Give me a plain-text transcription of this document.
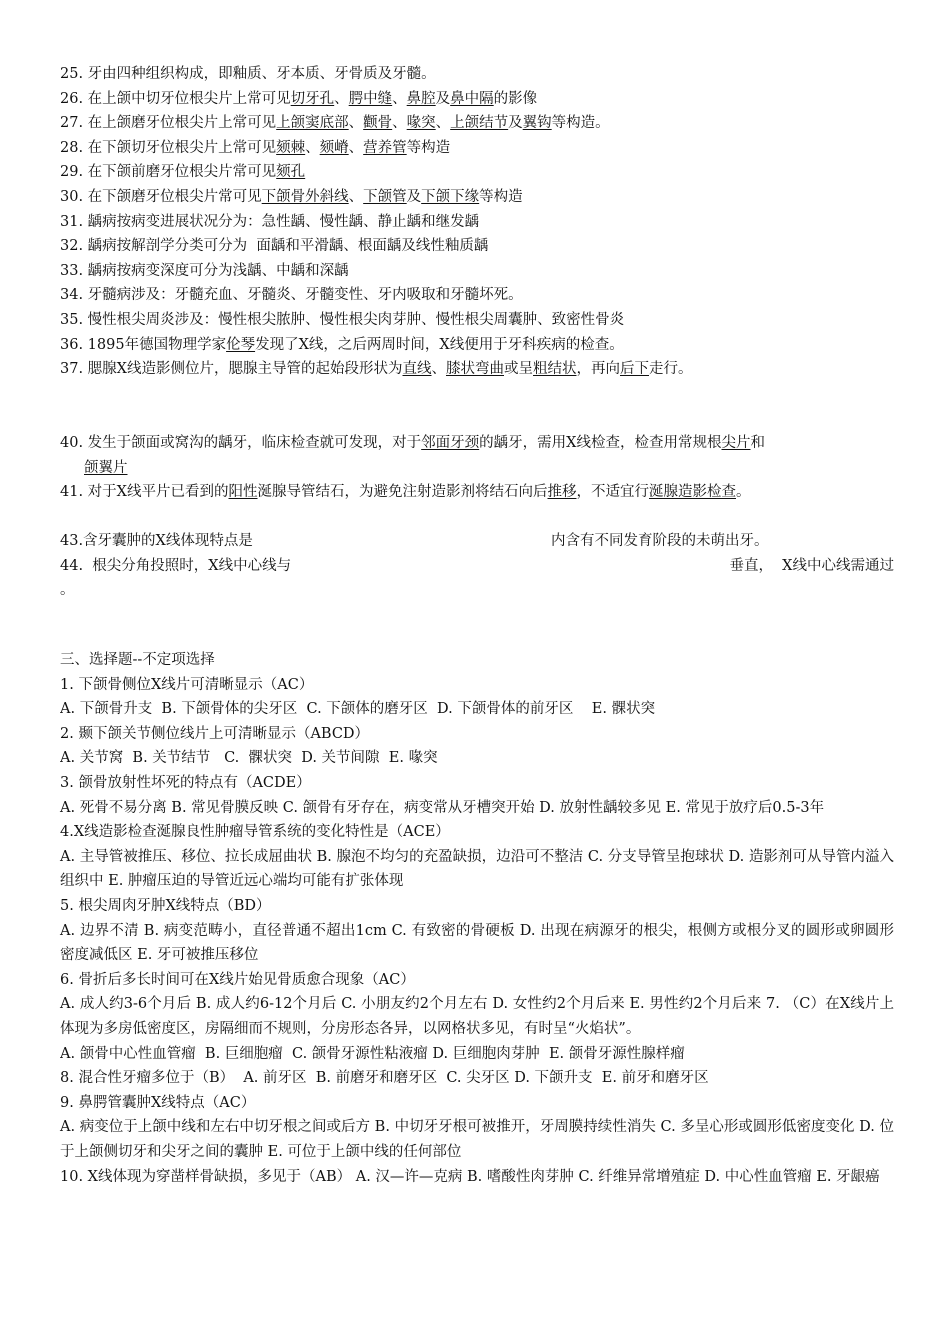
25. 牙由四种组织构成，即釉质、牙本质、牙骨质及牙髓。
26. 在上颌中切牙位根尖片上常可见切牙孔、腭中缝、鼻腔及鼻中隔的影像
27. 在上颌磨牙位根尖片上常可见上颌窦底部、颧骨、喙突、上颌结节及翼钩等构造。
28. 在下颌切牙位根尖片上常可见颏棘、颏嵴、营养管等构造
29. 在下颌前磨牙位根尖片常可见颏孔
30. 在下颌磨牙位根尖片常可见下颌骨外斜线、下颌管及下颌下缘等构造
31. 龋病按病变进展状况分为：急性龋、慢性龋、静止龋和继发龋
32. 龋病按解剖学分类可分为  面龋和平滑龋、根面龋及线性釉质龋
33. 龋病按病变深度可分为浅龋、中龋和深龋
34. 牙髓病涉及：牙髓充血、牙髓炎、牙髓变性、牙内吸取和牙髓坏死。
35. 慢性根尖周炎涉及：慢性根尖脓肿、慢性根尖肉芽肿、慢性根尖周囊肿、致密性骨炎
36. 1895年德国物理学家伦琴发现了X线，之后两周时间，X线便用于牙科疾病的检查。
37. 腮腺X线造影侧位片，腮腺主导管的起始段形状为直线、膝状弯曲或呈粗结状，再向后下走行。

40. 发生于颌面或窝沟的龋牙，临床检查就可发现，对于邻面牙颈的龋牙，需用X线检查，检查用常规根尖片和
颌翼片
41. 对于X线平片已看到的阳性涎腺导管结石，为避免注射造影剂将结石向后推移，不适宜行涎腺造影检查。

43.含牙囊肿的X线体现特点是	内含有不同发育阶段的未萌出牙。
44.  根尖分角投照时，X线中心线与	垂直，  X线中心线需通过
。
三、选择题--不定项选择
1. 下颌骨侧位X线片可清晰显示（AC）
A. 下颌骨升支  B. 下颌骨体的尖牙区  C. 下颌体的磨牙区  D. 下颌骨体的前牙区    E. 髁状突
2. 颞下颌关节侧位线片上可清晰显示（ABCD）
A. 关节窝  B. 关节结节   C.  髁状突  D. 关节间隙  E. 喙突
3. 颌骨放射性坏死的特点有（ACDE）
A. 死骨不易分离 B. 常见骨膜反映 C. 颌骨有牙存在，病变常从牙槽突开始 D. 放射性龋较多见 E. 常见于放疗后0.5-3年
4.X线造影检查涎腺良性肿瘤导管系统的变化特性是（ACE）
A. 主导管被推压、移位、拉长成屈曲状 B. 腺泡不均匀的充盈缺损，边沿可不整洁 C. 分支导管呈抱球状 D. 造影剂可从导管内溢入组织中 E. 肿瘤压迫的导管近远心端均可能有扩张体现
5. 根尖周肉牙肿X线特点（BD）
A. 边界不清 B. 病变范畴小，直径普通不超出1cm C. 有致密的骨硬板 D. 出现在病源牙的根尖，根侧方或根分叉的圆形或卵圆形密度减低区 E. 牙可被推压移位
6. 骨折后多长时间可在X线片始见骨质愈合现象（AC）
A. 成人约3-6个月后 B. 成人约6-12个月后 C. 小朋友约2个月左右 D. 女性约2个月后来 E. 男性约2个月后来 7. （C）在X线片上体现为多房低密度区，房隔细而不规则，分房形态各异，以网格状多见，有时呈“火焰状”。
A. 颌骨中心性血管瘤  B. 巨细胞瘤  C. 颌骨牙源性粘液瘤 D. 巨细胞肉芽肿  E. 颌骨牙源性腺样瘤
8. 混合性牙瘤多位于（B）  A. 前牙区  B. 前磨牙和磨牙区  C. 尖牙区 D. 下颌升支  E. 前牙和磨牙区
9. 鼻腭管囊肿X线特点（AC）
A. 病变位于上颌中线和左右中切牙根之间或后方 B. 中切牙牙根可被推开，牙周膜持续性消失 C. 多呈心形或圆形低密度变化 D. 位于上颌侧切牙和尖牙之间的囊肿 E. 可位于上颌中线的任何部位
10. X线体现为穿凿样骨缺损，多见于（AB） A. 汉—许—克病 B. 嗜酸性肉芽肿 C. 纤维异常增殖症 D. 中心性血管瘤 E. 牙龈癌
